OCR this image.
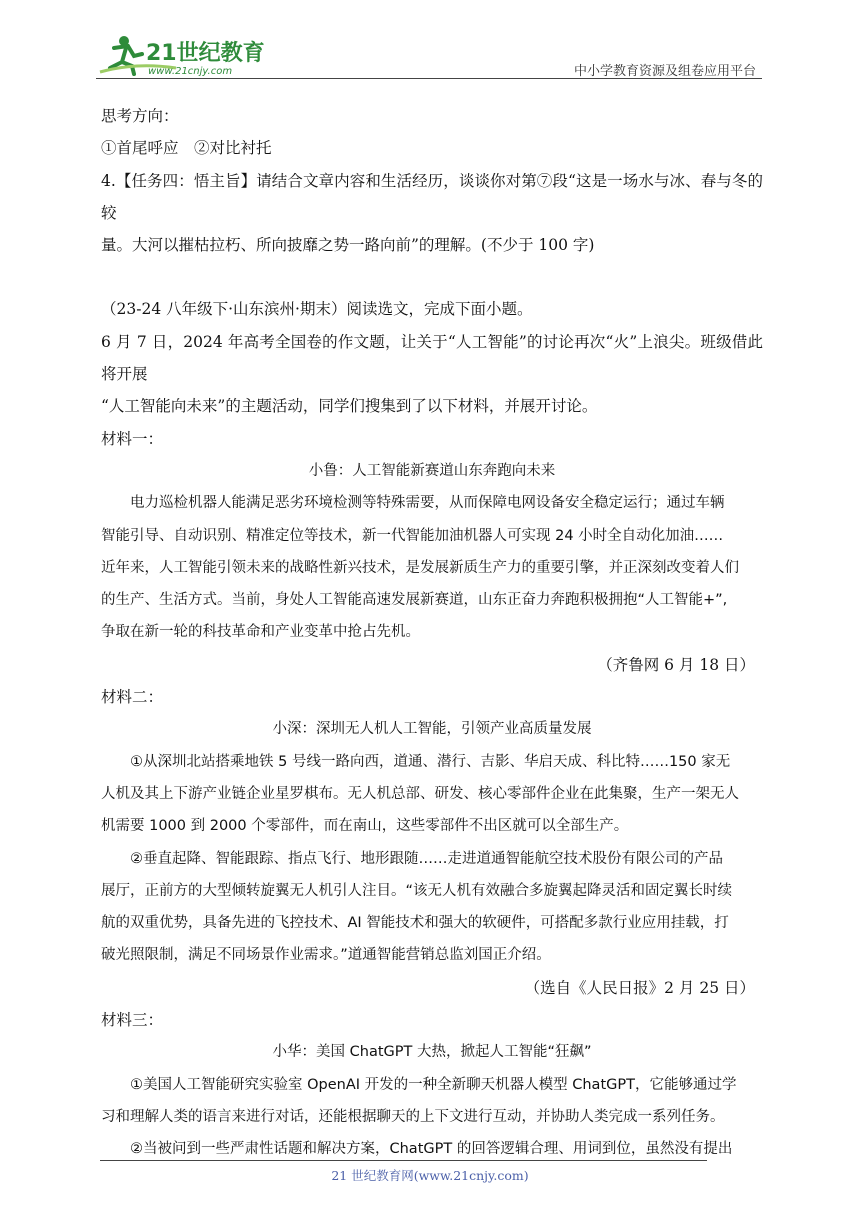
21世纪教育
www.21cnjy.com	中小学教育资源及组卷应用平台
思考方向：
①首尾呼应　②对比衬托
4.【任务四：悟主旨】请结合文章内容和生活经历，谈谈你对第⑦段“这是一场水与冰、春与冬的较
量。大河以摧枯拉朽、所向披靡之势一路向前”的理解。(不少于 100 字)
（23-24 八年级下·山东滨州·期末）阅读选文，完成下面小题。
6 月 7 日，2024 年高考全国卷的作文题，让关于“人工智能”的讨论再次“火”上浪尖。班级借此将开展
“人工智能向未来”的主题活动，同学们搜集到了以下材料，并展开讨论。
材料一：
小鲁：人工智能新赛道山东奔跑向未来
电力巡检机器人能满足恶劣环境检测等特殊需要，从而保障电网设备安全稳定运行；通过车辆
智能引导、自动识别、精准定位等技术，新一代智能加油机器人可实现 24 小时全自动化加油……
近年来，人工智能引领未来的战略性新兴技术，是发展新质生产力的重要引擎，并正深刻改变着人们
的生产、生活方式。当前，身处人工智能高速发展新赛道，山东正奋力奔跑积极拥抱“人工智能+”,
争取在新一轮的科技革命和产业变革中抢占先机。
（齐鲁网 6 月 18 日）
材料二：
小深：深圳无人机人工智能，引领产业高质量发展
①从深圳北站搭乘地铁 5 号线一路向西，道通、潜行、吉影、华启天成、科比特……150 家无
人机及其上下游产业链企业星罗棋布。无人机总部、研发、核心零部件企业在此集聚，生产一架无人
机需要 1000 到 2000 个零部件，而在南山，这些零部件不出区就可以全部生产。
②垂直起降、智能跟踪、指点飞行、地形跟随……走进道通智能航空技术股份有限公司的产品
展厅，正前方的大型倾转旋翼无人机引人注目。“该无人机有效融合多旋翼起降灵活和固定翼长时续
航的双重优势，具备先进的飞控技术、AI 智能技术和强大的软硬件，可搭配多款行业应用挂载，打
破光照限制，满足不同场景作业需求。”道通智能营销总监刘国正介绍。
（选自《人民日报》2 月 25 日）
材料三：
小华：美国 ChatGPT 大热，掀起人工智能“狂飙”
①美国人工智能研究实验室 OpenAI 开发的一种全新聊天机器人模型 ChatGPT，它能够通过学
习和理解人类的语言来进行对话，还能根据聊天的上下文进行互动，并协助人类完成一系列任务。
②当被问到一些严肃性话题和解决方案，ChatGPT 的回答逻辑合理、用词到位，虽然没有提出
21 世纪教育网(www.21cnjy.com)
